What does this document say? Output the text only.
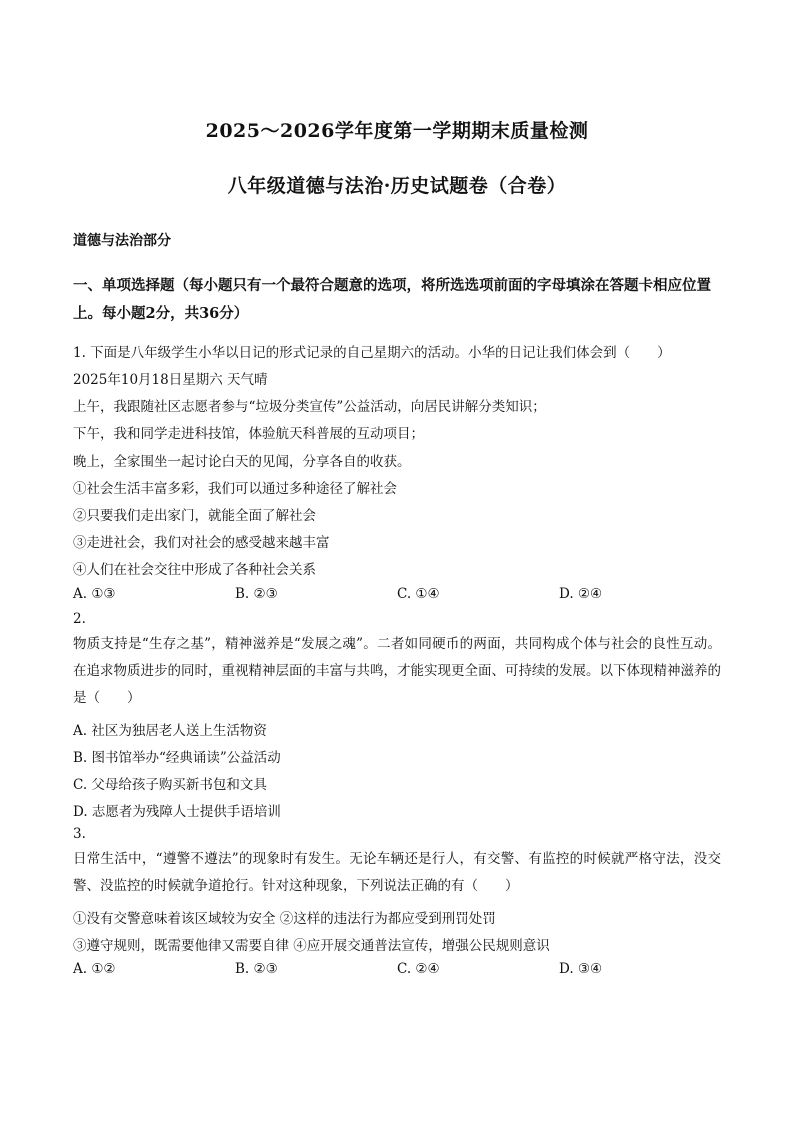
2025～2026学年度第一学期期末质量检测
八年级道德与法治·历史试题卷（合卷）
道德与法治部分
一、单项选择题（每小题只有一个最符合题意的选项，将所选选项前面的字母填涂在答题卡相应位置上。每小题2分，共36分）
1. 下面是八年级学生小华以日记的形式记录的自己星期六的活动。小华的日记让我们体会到（　　）
2025年10月18日星期六 天气晴
上午，我跟随社区志愿者参与“垃圾分类宣传”公益活动，向居民讲解分类知识；
下午，我和同学走进科技馆，体验航天科普展的互动项目；
晚上，全家围坐一起讨论白天的见闻，分享各自的收获。
①社会生活丰富多彩，我们可以通过多种途径了解社会
②只要我们走出家门，就能全面了解社会
③走进社会，我们对社会的感受越来越丰富
④人们在社会交往中形成了各种社会关系
A. ①③	B. ②③	C. ①④	D. ②④
2.
物质支持是“生存之基”，精神滋养是“发展之魂”。二者如同硬币的两面，共同构成个体与社会的良性互动。在追求物质进步的同时，重视精神层面的丰富与共鸣，才能实现更全面、可持续的发展。以下体现精神滋养的是（　　）
A. 社区为独居老人送上生活物资
B. 图书馆举办“经典诵读”公益活动
C. 父母给孩子购买新书包和文具
D. 志愿者为残障人士提供手语培训
3.
日常生活中，“遵警不遵法”的现象时有发生。无论车辆还是行人，有交警、有监控的时候就严格守法，没交警、没监控的时候就争道抢行。针对这种现象，下列说法正确的有（　　）
①没有交警意味着该区域较为安全 ②这样的违法行为都应受到刑罚处罚
③遵守规则，既需要他律又需要自律 ④应开展交通普法宣传，增强公民规则意识
A. ①②	B. ②③	C. ②④	D. ③④
